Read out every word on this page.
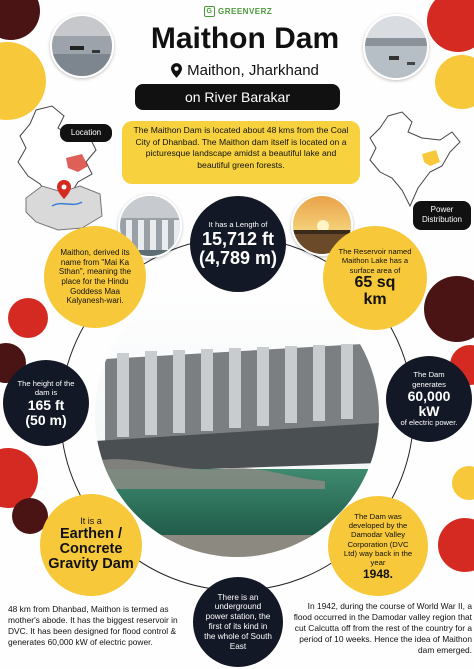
G GREENVERZ
Maithon Dam
Maithon, Jharkhand
on River Barakar
Location
Power Distribution
The Maithon Dam is located about 48 kms from the Coal City of Dhanbad. The Maithon dam itself is located on a picturesque landscape amidst a beautiful lake and beautiful green forests.
It has a Length of
15,712 ft
(4,789 m)
Maithon, derived its name from "Mai Ka Sthan", meaning the place for the Hindu Goddess Maa Kalyanesh-wari.
The Reservoir named Maithon Lake has a surface area of
65 sq km
The height of the dam is
165 ft
(50 m)
The Dam generates
60,000 kW
of electric power.
It is a
Earthen / Concrete Gravity Dam
The Dam was developed by the Damodar Valley Corporation (DVC Ltd) way back in the year
1948.
There is an underground power station, the first of its kind in the whole of South East
48 km from Dhanbad, Maithon is termed as mother's abode. It has the biggest reservoir in DVC. It has been designed for flood control & generates 60,000 kW of electric power.
In 1942, during the course of World War II, a flood occurred in the Damodar valley region that cut Calcutta off from the rest of the country for a period of 10 weeks. Hence the idea of Maithon dam emerged.
